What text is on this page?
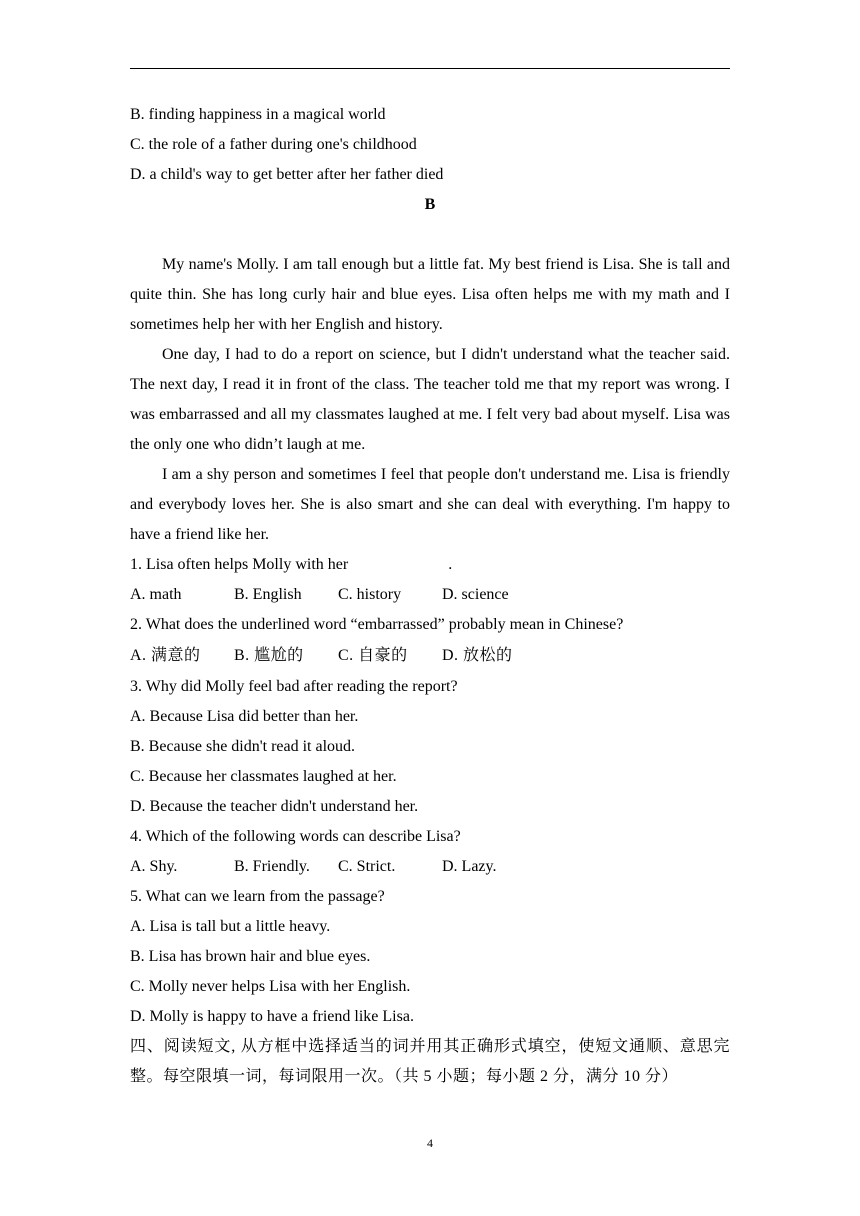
B. finding happiness in a magical world
C. the role of a father during one's childhood
D. a child's way to get better after her father died
B
My name's Molly. I am tall enough but a little fat. My best friend is Lisa. She is tall and quite thin. She has long curly hair and blue eyes. Lisa often helps me with my math and I sometimes help her with her English and history.
One day, I had to do a report on science, but I didn't understand what the teacher said. The next day, I read it in front of the class. The teacher told me that my report was wrong. I was embarrassed and all my classmates laughed at me. I felt very bad about myself. Lisa was the only one who didn’t laugh at me.
I am a shy person and sometimes I feel that people don't understand me. Lisa is friendly and everybody loves her. She is also smart and she can deal with everything. I'm happy to have a friend like her.
1. Lisa often helps Molly with her	.
A. math	B. English	C. history	D. science
2. What does the underlined word “embarrassed” probably mean in Chinese?
A. 满意的	B. 尴尬的	C. 自豪的	D. 放松的
3. Why did Molly feel bad after reading the report?
A. Because Lisa did better than her.
B. Because she didn't read it aloud.
C. Because her classmates laughed at her.
D. Because the teacher didn't understand her.
4. Which of the following words can describe Lisa?
A. Shy.	B. Friendly.	C. Strict.	D. Lazy.
5. What can we learn from the passage?
A. Lisa is tall but a little heavy.
B. Lisa has brown hair and blue eyes.
C. Molly never helps Lisa with her English.
D. Molly is happy to have a friend like Lisa.
四、阅读短文, 从方框中选择适当的词并用其正确形式填空，使短文通顺、意思完整。每空限填一词，每词限用一次。（共 5 小题；每小题 2 分，满分 10 分）
4
